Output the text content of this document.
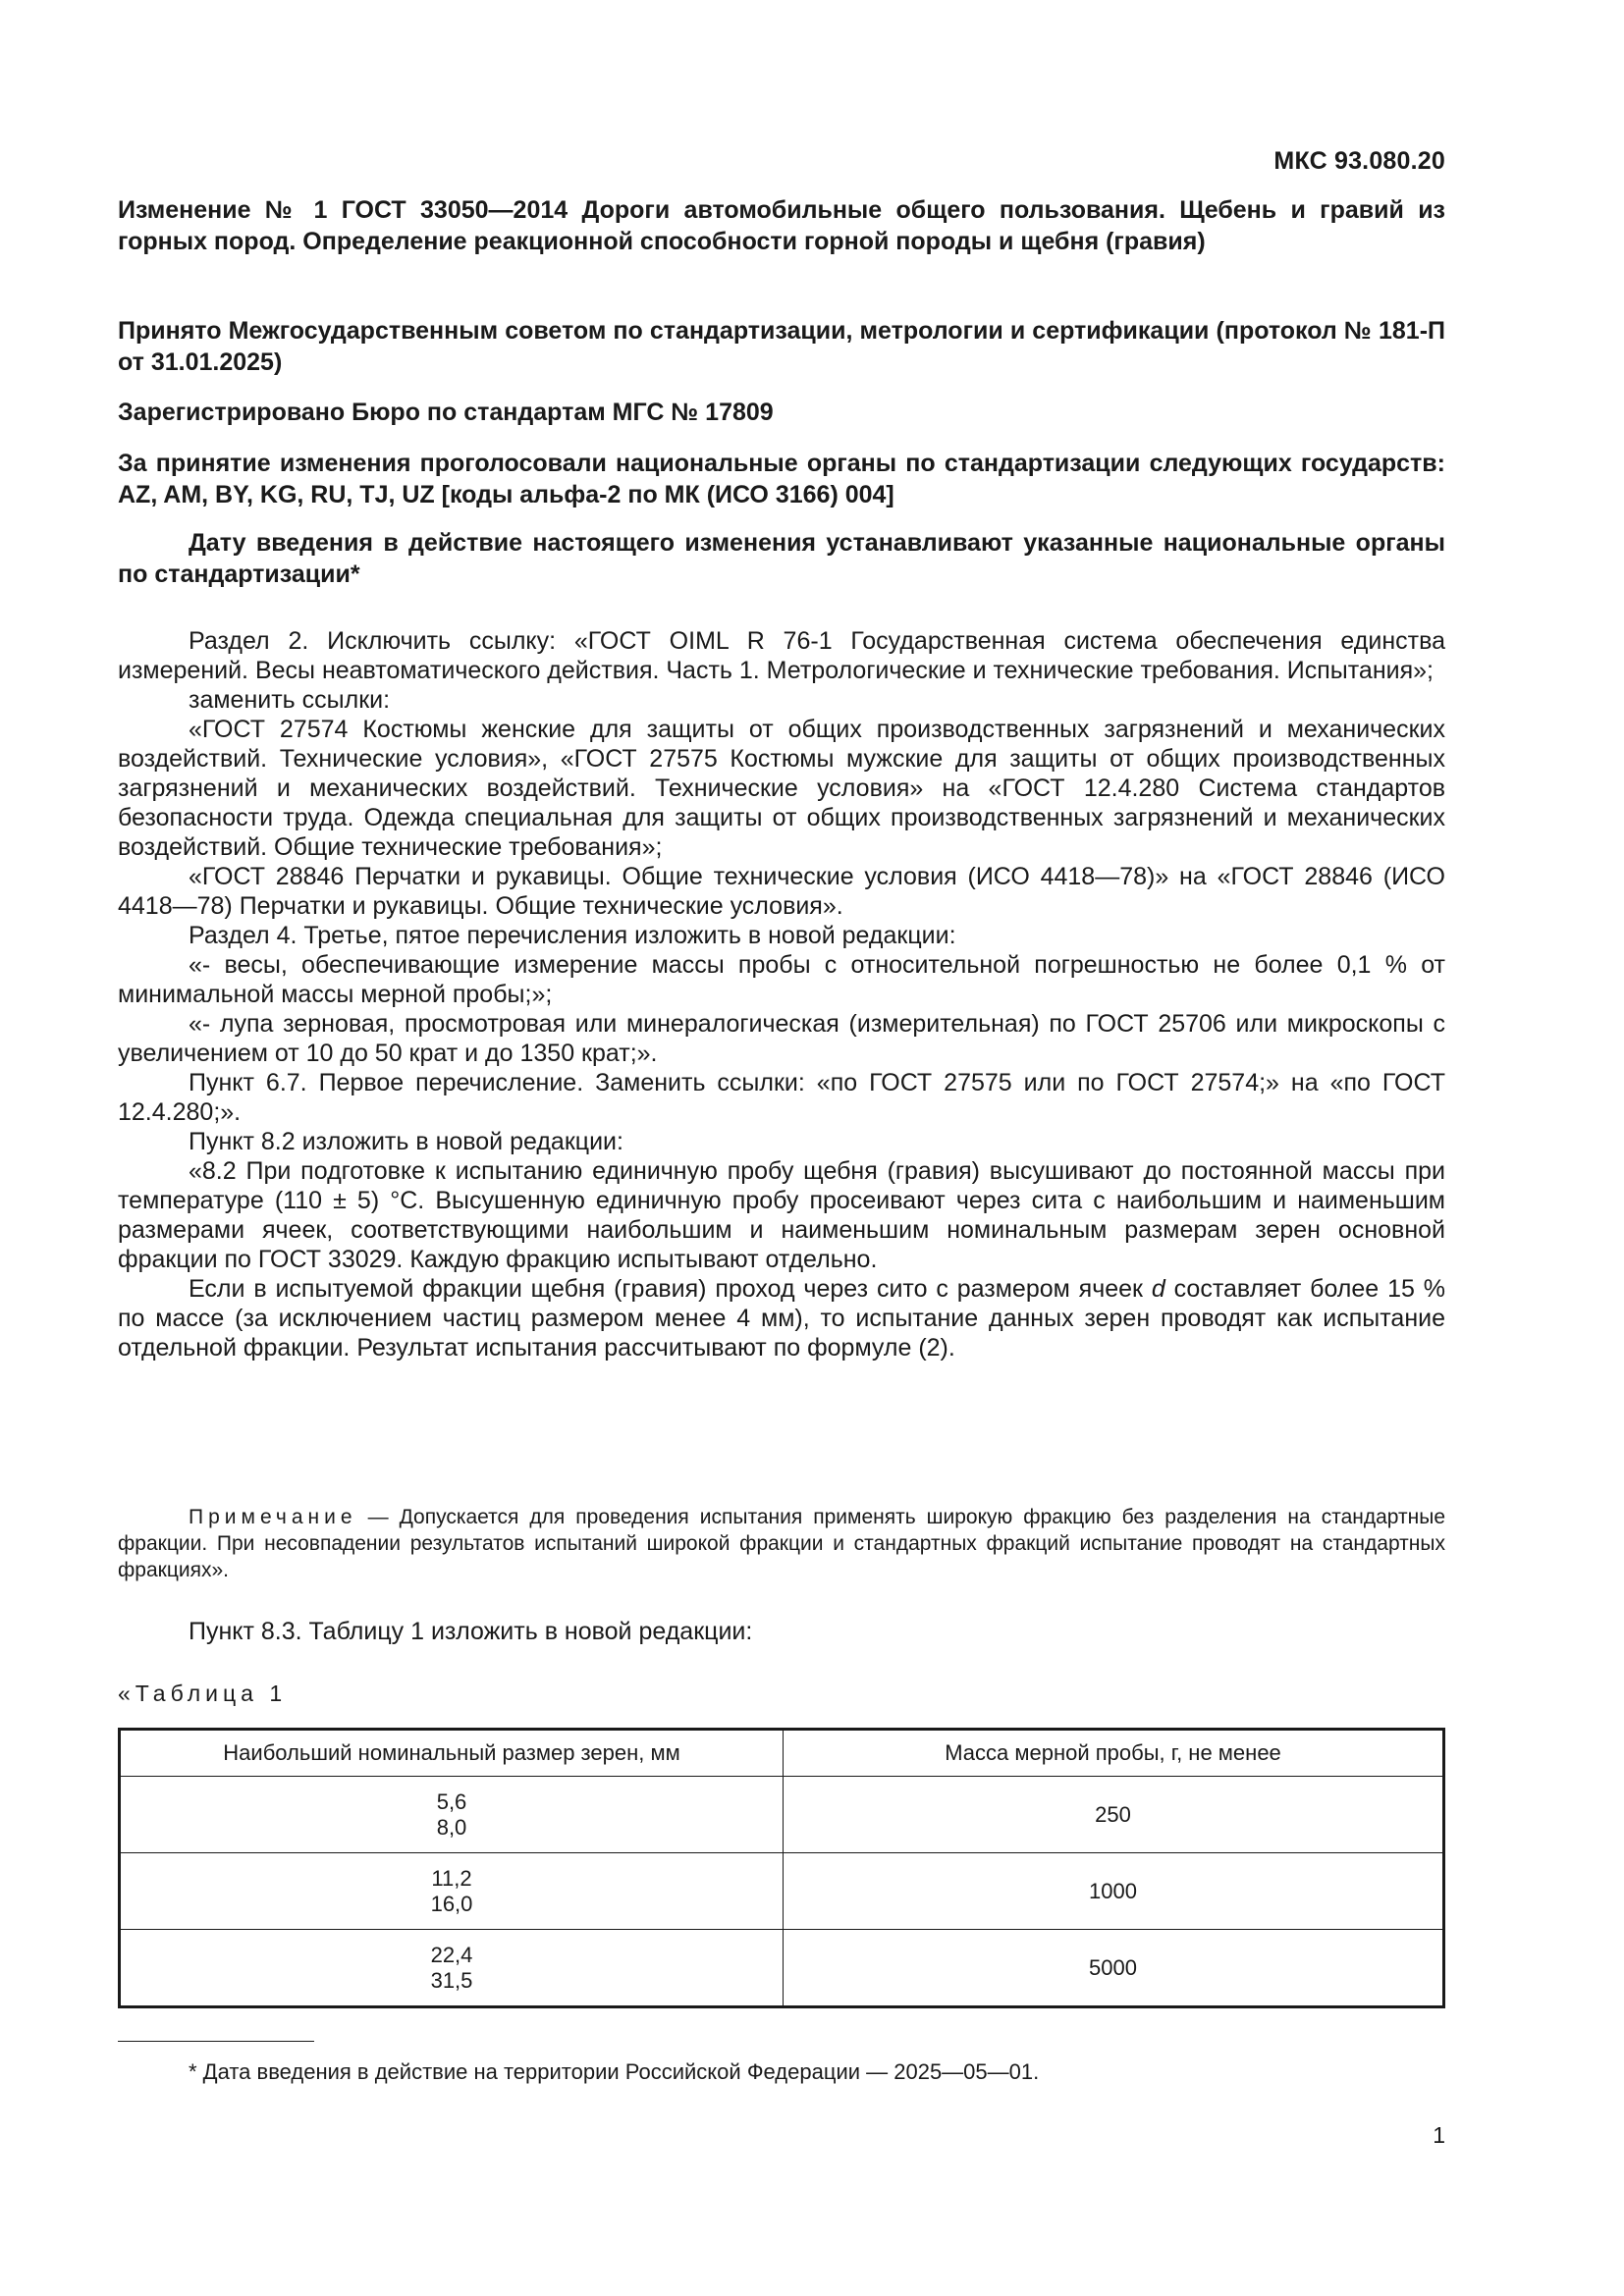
МКС 93.080.20
Изменение № 1 ГОСТ 33050—2014 Дороги автомобильные общего пользования. Щебень и гравий из горных пород. Определение реакционной способности горной породы и щебня (гравия)
Принято Межгосударственным советом по стандартизации, метрологии и сертификации (протокол № 181-П от 31.01.2025)
Зарегистрировано Бюро по стандартам МГС № 17809
За принятие изменения проголосовали национальные органы по стандартизации следующих государств: AZ, AM, BY, KG, RU, TJ, UZ [коды альфа-2 по МК (ИСО 3166) 004]
Дату введения в действие настоящего изменения устанавливают указанные национальные органы по стандартизации*

Раздел 2. Исключить ссылку: «ГОСТ OIML R 76-1 Государственная система обеспечения единства измерений. Весы неавтоматического действия. Часть 1. Метрологические и технические требования. Испытания»;

заменить ссылки:

«ГОСТ 27574 Костюмы женские для защиты от общих производственных загрязнений и механических воздействий. Технические условия», «ГОСТ 27575 Костюмы мужские для защиты от общих производственных загрязнений и механических воздействий. Технические условия» на «ГОСТ 12.4.280 Система стандартов безопасности труда. Одежда специальная для защиты от общих производственных загрязнений и механических воздействий. Общие технические требования»;

«ГОСТ 28846 Перчатки и рукавицы. Общие технические условия (ИСО 4418—78)» на «ГОСТ 28846 (ИСО 4418—78) Перчатки и рукавицы. Общие технические условия».

Раздел 4. Третье, пятое перечисления изложить в новой редакции:

«- весы, обеспечивающие измерение массы пробы с относительной погрешностью не более 0,1 % от минимальной массы мерной пробы;»;

«- лупа зерновая, просмотровая или минералогическая (измерительная) по ГОСТ 25706 или микроскопы с увеличением от 10 до 50 крат и до 1350 крат;».

Пункт 6.7. Первое перечисление. Заменить ссылки: «по ГОСТ 27575 или по ГОСТ 27574;» на «по ГОСТ 12.4.280;».

Пункт 8.2 изложить в новой редакции:

«8.2 При подготовке к испытанию единичную пробу щебня (гравия) высушивают до постоянной массы при температуре (110 ± 5) °С. Высушенную единичную пробу просеивают через сита с наибольшим и наименьшим размерами ячеек, соответствующими наибольшим и наименьшим номинальным размерам зерен основной фракции по ГОСТ 33029. Каждую фракцию испытывают отдельно.

Если в испытуемой фракции щебня (гравия) проход через сито с размером ячеек d составляет более 15 % по массе (за исключением частиц размером менее 4 мм), то испытание данных зерен проводят как испытание отдельной фракции. Результат испытания рассчитывают по формуле (2).

Примечание — Допускается для проведения испытания применять широкую фракцию без разделения на стандартные фракции. При несовпадении результатов испытаний широкой фракции и стандартных фракций испытание проводят на стандартных фракциях».
Пункт 8.3. Таблицу 1 изложить в новой редакции:
«Таблица 1
Наибольший номинальный размер зерен, мм	Масса мерной пробы, г, не менее

5,6
8,0	250

11,2
16,0	1000

22,4
31,5	5000
* Дата введения в действие на территории Российской Федерации — 2025—05—01.
1
